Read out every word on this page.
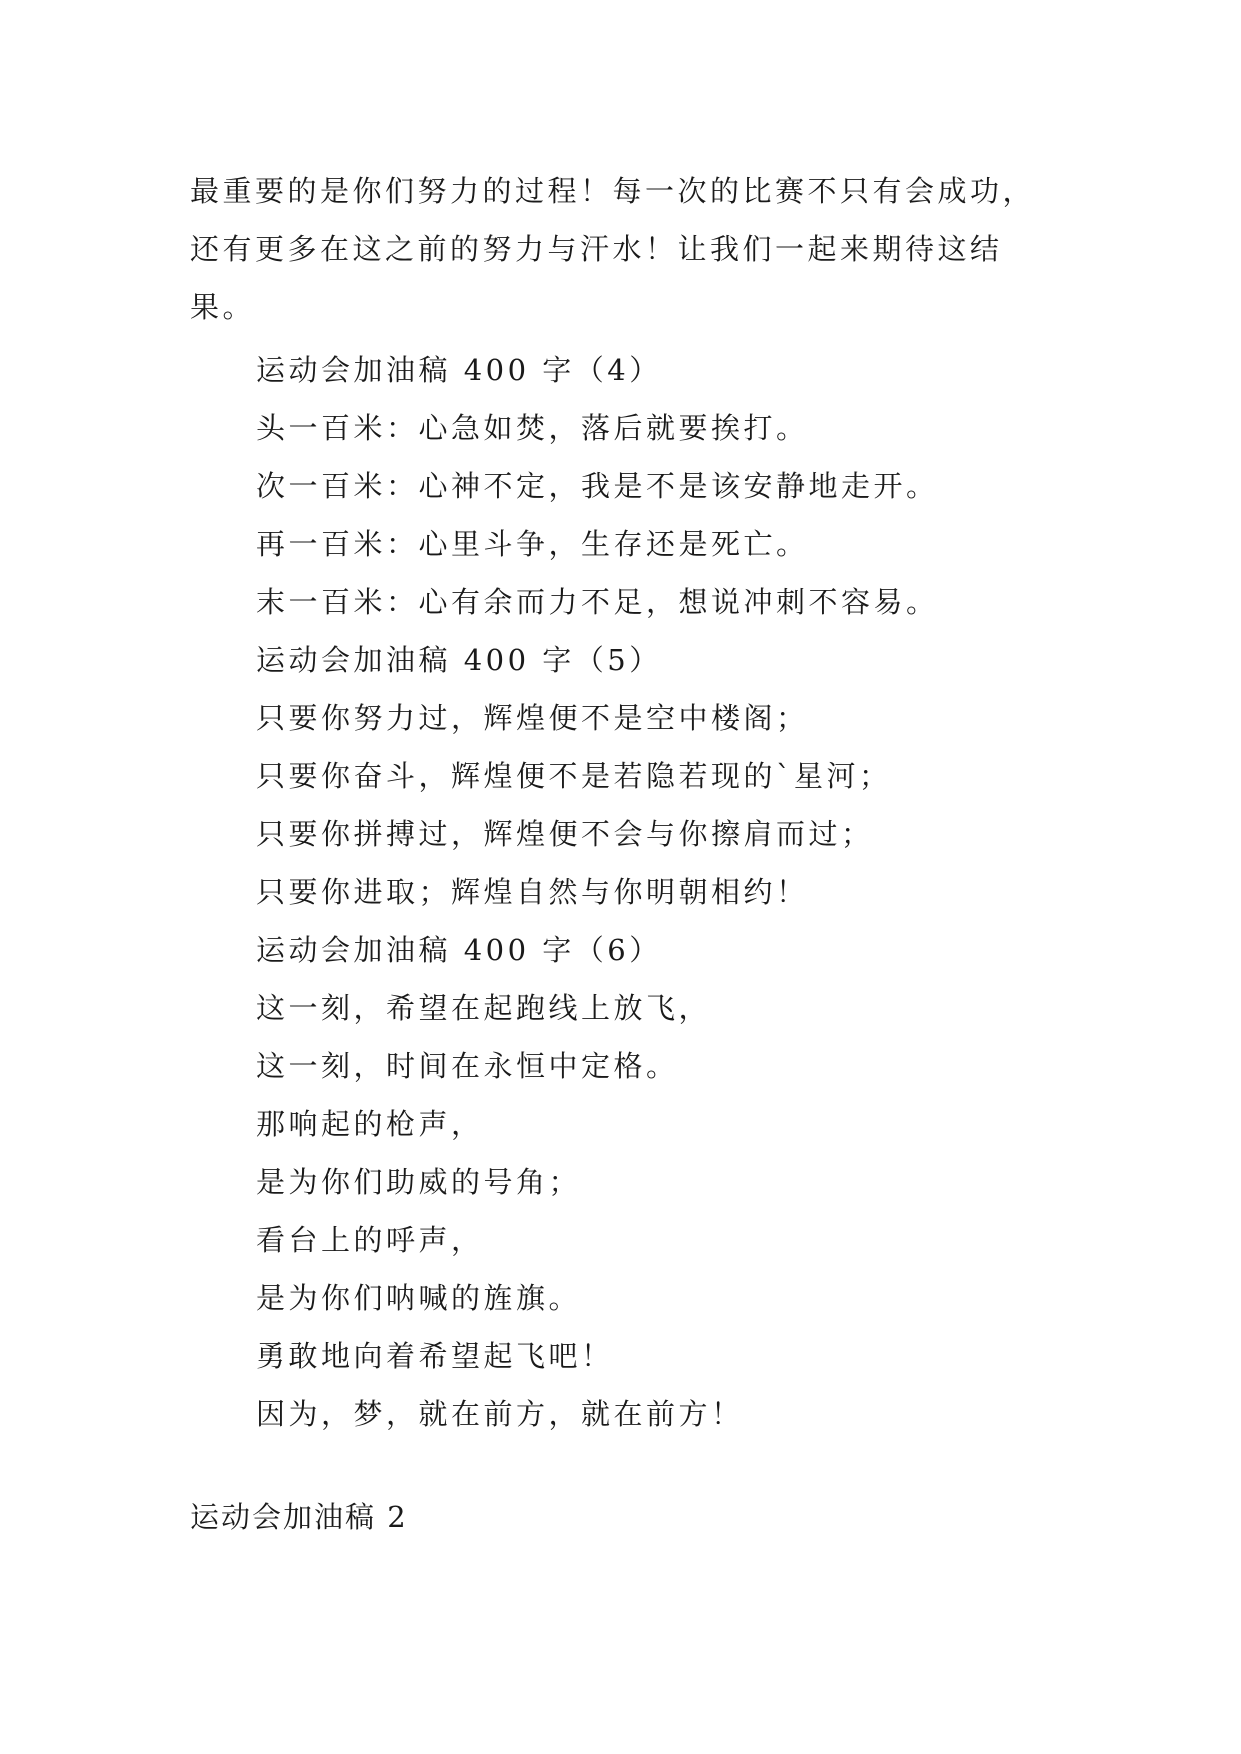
最重要的是你们努力的过程！每一次的比赛不只有会成功，

还有更多在这之前的努力与汗水！让我们一起来期待这结

果。

运动会加油稿 400 字（4）

头一百米：心急如焚，落后就要挨打。

次一百米：心神不定，我是不是该安静地走开。

再一百米：心里斗争，生存还是死亡。

末一百米：心有余而力不足，想说冲刺不容易。

运动会加油稿 400 字（5）

只要你努力过，辉煌便不是空中楼阁；

只要你奋斗，辉煌便不是若隐若现的`星河；

只要你拼搏过，辉煌便不会与你擦肩而过；

只要你进取；辉煌自然与你明朝相约！

运动会加油稿 400 字（6）

这一刻，希望在起跑线上放飞，

这一刻，时间在永恒中定格。

那响起的枪声，

是为你们助威的号角；

看台上的呼声，

是为你们呐喊的旌旗。

勇敢地向着希望起飞吧！

因为，梦，就在前方，就在前方！

运动会加油稿 2
